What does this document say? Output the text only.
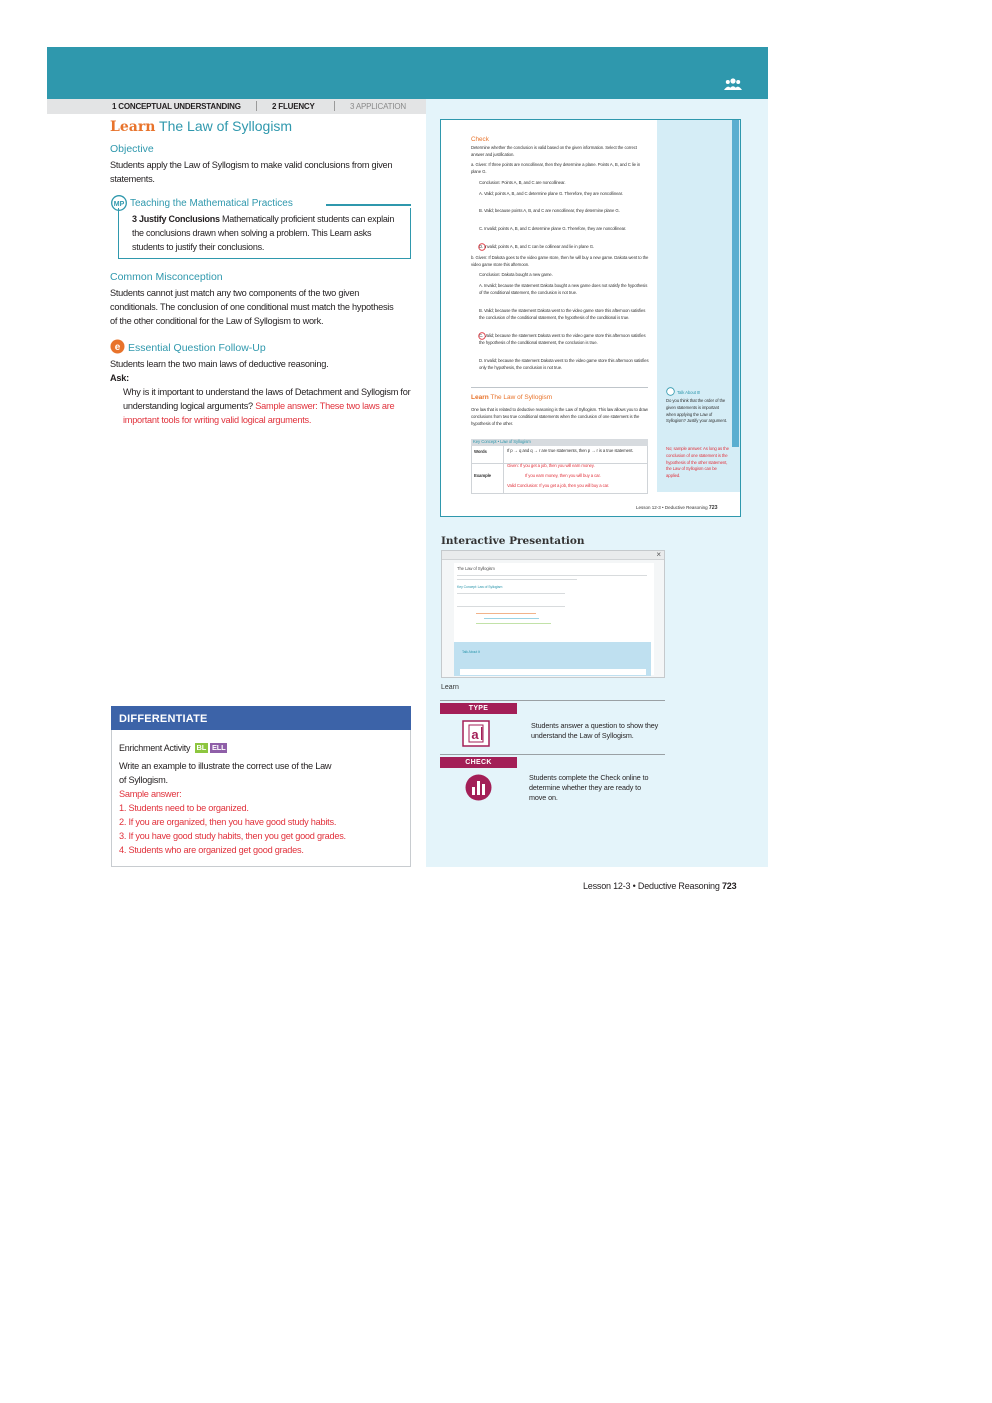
1 CONCEPTUAL UNDERSTANDING	2 FLUENCY	3 APPLICATION
Learn The Law of Syllogism
Objective
Students apply the Law of Syllogism to make valid conclusions from given statements.
MP Teaching the Mathematical Practices
3 Justify Conclusions Mathematically proficient students can explain the conclusions drawn when solving a problem. This Learn asks students to justify their conclusions.
Common Misconception
Students cannot just match any two components of the two given conditionals. The conclusion of one conditional must match the hypothesis of the other conditional for the Law of Syllogism to work.
e Essential Question Follow-Up
Students learn the two main laws of deductive reasoning.
Ask:
Why is it important to understand the laws of Detachment and Syllogism for understanding logical arguments? Sample answer: These two laws are important tools for writing valid logical arguments.
DIFFERENTIATE
Enrichment Activity BL ELL
Write an example to illustrate the correct use of the Law of Syllogism.
Sample answer:
1. Students need to be organized.
2. If you are organized, then you have good study habits.
3. If you have good study habits, then you get good grades.
4. Students who are organized get good grades.
Check
Determine whether the conclusion is valid based on the given information. Select the correct answer and justification.
a. Given: If three points are noncollinear, then they determine a plane. Points A, B, and C lie in plane G.
Conclusion: Points A, B, and C are noncollinear.
A. Valid; points A, B, and C determine plane G. Therefore, they are noncollinear.
B. Valid; because points A, B, and C are noncollinear, they determine plane G.
C. Invalid; points A, B, and C determine plane G. Therefore, they are noncollinear.
D. Invalid; points A, B, and C can be collinear and lie in plane G.
b. Given: If Dakota goes to the video game store, then he will buy a new game. Dakota went to the video game store this afternoon.
Conclusion: Dakota bought a new game.
A. Invalid; because the statement Dakota bought a new game does not satisfy the hypothesis of the conditional statement, the conclusion is not true.
B. Valid; because the statement Dakota went to the video game store this afternoon satisfies the conclusion of the conditional statement, the hypothesis of the conditional is true.
C. Valid; because the statement Dakota went to the video game store this afternoon satisfies the hypothesis of the conditional statement, the conclusion is true.
D. Invalid; because the statement Dakota went to the video game store this afternoon satisfies only the hypothesis, the conclusion is not true.
Learn The Law of Syllogism
One law that is related to deductive reasoning is the Law of Syllogism. This law allows you to draw conclusions from two true conditional statements when the conclusion of one statement is the hypothesis of the other.
Key Concept • Law of Syllogism
Words	If p → q and q → r are true statements, then p → r is a true statement.
Example
Given: If you get a job, then you will earn money.
If you earn money, then you will buy a car.
Valid Conclusion: If you get a job, then you will buy a car.
Talk About It!
Do you think that the order of the given statements is important when applying the Law of Syllogism? Justify your argument.
No; sample answer: As long as the conclusion of one statement is the hypothesis of the other statement, the Law of Syllogism can be applied.
Lesson 12-3 • Deductive Reasoning 723
Interactive Presentation
×
The Law of Syllogism
Key Concept: Law of Syllogism
Talk About It
Learn
TYPE
a
Students answer a question to show they understand the Law of Syllogism.
CHECK
Students complete the Check online to determine whether they are ready to move on.
Lesson 12-3 • Deductive Reasoning 723
